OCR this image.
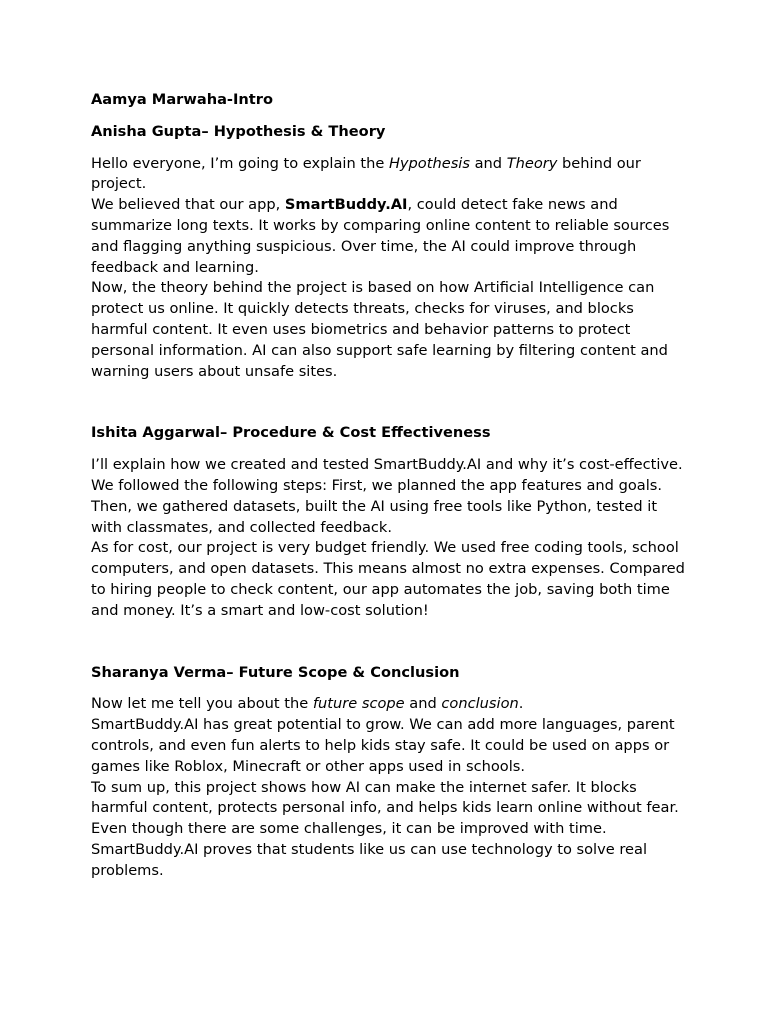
Aamya Marwaha-Intro

Anisha Gupta– Hypothesis & Theory

Hello everyone, I’m going to explain the Hypothesis and Theory behind our project.

We believed that our app, SmartBuddy.AI, could detect fake news and summarize long texts. It works by comparing online content to reliable sources and flagging anything suspicious. Over time, the AI could improve through feedback and learning.

Now, the theory behind the project is based on how Artificial Intelligence can protect us online. It quickly detects threats, checks for viruses, and blocks harmful content. It even uses biometrics and behavior patterns to protect personal information. AI can also support safe learning by filtering content and warning users about unsafe sites.

Ishita Aggarwal– Procedure & Cost Effectiveness

I’ll explain how we created and tested SmartBuddy.AI and why it’s cost-effective.

We followed the following steps: First, we planned the app features and goals. Then, we gathered datasets, built the AI using free tools like Python, tested it with classmates, and collected feedback.

As for cost, our project is very budget friendly. We used free coding tools, school computers, and open datasets. This means almost no extra expenses. Compared to hiring people to check content, our app automates the job, saving both time and money. It’s a smart and low-cost solution!

Sharanya Verma– Future Scope & Conclusion

Now let me tell you about the future scope and conclusion.

SmartBuddy.AI has great potential to grow. We can add more languages, parent controls, and even fun alerts to help kids stay safe. It could be used on apps or games like Roblox, Minecraft or other apps used in schools.

To sum up, this project shows how AI can make the internet safer. It blocks harmful content, protects personal info, and helps kids learn online without fear. Even though there are some challenges, it can be improved with time. SmartBuddy.AI proves that students like us can use technology to solve real problems.
